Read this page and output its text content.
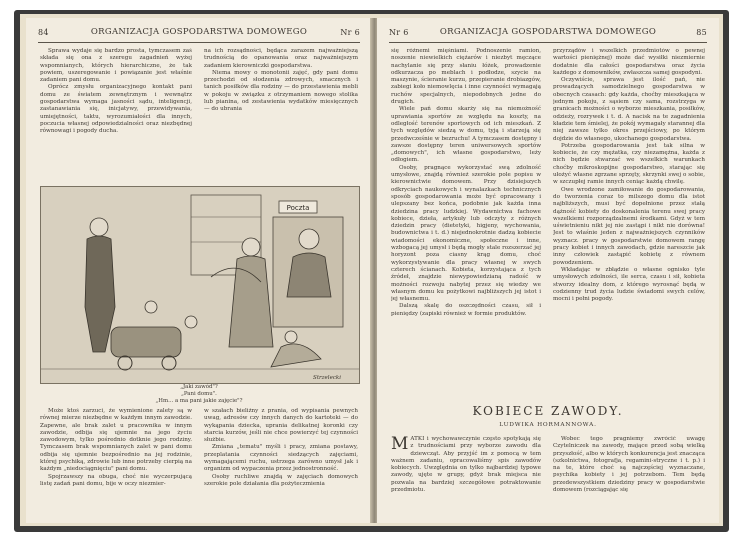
84	ORGANIZACJA GOSPODARSTWA DOMOWEGO	Nr 6

Sprawa wydaje się bardzo prosta, tymczasem zaś składa się ona z szeregu zagadnień wyżej wspomnianych, których hierarchiczne, że tak powiem, uszeregowanie i powiązanie jest właśnie zadaniem pani domu.

Oprócz zmysłu organizacyjnego kontakt pani domu ze światem zewnętrznym i wewnątrz gospodarstwa wymaga jasności sądu, inteligencji, zastanawiania się, inicjatywy, przewidywania, umiejętności, taktu, wyrozumiałości dla innych, poczucia własnej odpowiedzialności oraz niezbędnej równowagi i pogody ducha.

na ich rozsądności, będąca zarazem najważniejszą trudnością do opanowania oraz najważniejszym zadaniem kierowniczki gospodarstwa.

Niema mowy o monotonii zajęć, gdy pani domu przechodzi od słodzenia zdrowych, smacznych i tanich posiłków dla rodziny — do przestawienia mebli w pokoju w związku z otrzymaniem nowego stolika lub pianina, od zestawienia wydatków miesięcznych — do ubrania

Poczta
Strzelecki
„Jaki zawód"?
„Pani domu".
„Hm... a ma pani jakie zajęcie"?

Może ktoś zarzuci, że wymienione zalety są w równej mierze niezbędne w każdym innym zawodzie. Zapewne, ale brak zalet u pracownika w innym zawodzie, odbija się ujemnie na jego życiu zawodowym, tylko pośrednio dotknie jego rodziny. Tymczasem brak wspomnianych zalet w pani domu odbija się ujemnie bezpośrednio na jej rodzinie, której psychiką, zdrowie lub inne potrzeby cierpią na każdym „niedociągnięciu" pani domu.

Spojrzawszy na obuga, choć nie wyczerpującą listę zadań pani domu, bije w oczy niezmier-

w szałach bieliżny z prania, od wypisania pewnych uwag, adresów czy innych danych do kartoteki — do wykąpania dziecka, uprania delikatnej koronki czy starcia kurzów, jeśli nie chce powierzyć tej czynności służbie.

Zmiana „tematu" myśli i pracy, zmiana postawy, przeplatania czynności siedzących zajęciami, wymagającemi ruchu, ustrzega zarówno umysł jak i organizm od wypaczenia przez jednostronność.

Osoby ruchliwe znajdą w zajęciach domowych szerokie pole działania dla pożyteczmienia

Nr 6	ORGANIZACJA GOSPODARSTWA DOMOWEGO	85

się różnemi mięśniami. Podnoszenie ramion, noszenie niewielkich ciężarów i niezbyt męczące nachylanie się przy słaniu łóżek, prowadzenie odkurzacza po meblach i podłodze, szycie na maszynie, ścieranie kurzu, przepieranie drobiazgów, zabiegi koło niemowlęcia i inne czynności wymagają ruchów specjalnych, niepodobnych jedne do drugich.

Wiele pań domu skarży się na niemożność uprawiania sportów ze względu na koszty, na odległość terenów sportowych od ich mieszkań. Z tych względów siedzą w domu, tyją i starzeją się przedwcześnie w bezruchu! A tymczasem dostępny i zawsze dostępny teren uniwersowych sportów „domowych", ich własne gospodarstwo, leży odłogiem.

Osoby, pragnące wykorzystać swą zdolność umysłowe, znajdą również szerokie pole popisu w kierownictwie domowem. Przy dzisiejszych odkryciach naukowych i wynalazkach technicznych sposób gospodarowania może być opracowany i ulepszany bez końca, podobnie jak każda inna dziedzina pracy ludzkiej. Wydawnictwa fachowe kobiece, dzieła, artykuły lub odczyty z różnych dziedzin pracy (dietetyki, higjeny, wychowania, budownictwa i t. d.) niejednokrotnie dadzą kobiecie wiadomości ekonomiczne, społeczne i inne, wzbogacą jej umysł i będą mogły stale rozszerzać jej horyzont poza ciasny krąg domu, choć wykorzystywanie dla pracy własnej w swych czterech ścianach. Kobieta, korzystająca z tych źródeł, znajdzie niewypowiedzianą radość w możności rozwoju nabytej przez się wiedzy we własnym domu ku pożytkowi najbliższych jej istot i jej własnemu.

Dalszą skalę do oszczędności czasu, sił i pieniędzy (zapiski również w formie produktów.

przyrządów i wszelkich przedmiotów o pewnej wartości pieniężnej) może dać wysiłki niezmiernie dodatnie dla całości gospodarstwa oraz życia każdego z domowników, zwłaszcza samej gospodyni.

Oczywiście, sprawa jest ilość pań, nie prowadzących samodzielnego gospodarstwa w obecnych czasach: gdy każda, choćby mieszkająca w jednym pokoju, z sąsiem czy sama, rozstrzyga w granicach możności o wyborze mieszkania, posiłków, odzieży, rozrywek i t. d. A nacisk na te zagadnienia kładzie tem śmielej, że pokój wymagały starannej dla niej zawsze tylko okres przejściowy, po którym dojdzie do własnego, ukochanego gospodarstwa.

Potrzeba gospodarowania jest tak silna w kobiecie, że czy mężatka, czy niezamężna, każda z nich będzie stwarzać we wszelkich warunkach choćby mikroskopijne gospodarstwo, starając się ułożyć własne zgrzane sprzęty, skrzynki swej o sobie, w szczupłej ramie innych ceniąc każdą chwilę.

Owe wrodzone zamiłowanie do gospodarowania, do tworzenia coraz to milszego domu dla istot najbliższych, musi być dopełnione przez stałą dążność kobiety do doskonalenia terenu swej pracy wszelkiemi rozporządzalnemi środkami. Gdyż w tem uświetnieniu nikt jej nie zastąpi i nikt nie dorówna! Jest to właśnie jeden z najważniejszych czynników wyznacz. pracy w gospodarstwie domowem rangę pracy kobiet i innych zawodach, gdzie nareszcie jak inny człowiek zastąpić kobietę z równem powodzeniem.

Wkładając w zbłądzie o własne ognisko tyle umysłowych zdolności, ile serca, czasu i sił, kobieta stworzy idealny dom, z którego wyrosnąć będą w codzienny trud życia ludzie świadomi swych celów, mocni i pełni pogody.

KOBIECE ZAWODY.
LUDWIKA HORMANNOWA.
M ATKI i wychowawczynie często spotykają się z trudnościami przy wyborze zawodu dla dziewcząt. Aby przyjść im z pomocą w tem ważnem zadaniu, opracowaliśmy spis zawodów kobiecych. Uwzględnia on tylko najbardziej typowe zawody, ujęte w grupy, gdyż brak miejsca nie pozwala na bardziej szczegółowe potraktowanie przedmiotu.

Wobec tego pragniemy zwrócić uwagę Czytelniczek na zawody, mające przed sobą wielką przyszłość, albo w których konkurencja jest znacząca (szkolnictwa, fotografja, regamini-stryczne i t. p.) i na te, które choć są najczęściej wyznaczane, psychika kobiety i jej potrzebom. Tem będą przedewszystkiem dziedziny pracy w gospodarstwie domowem (rozciągając się
